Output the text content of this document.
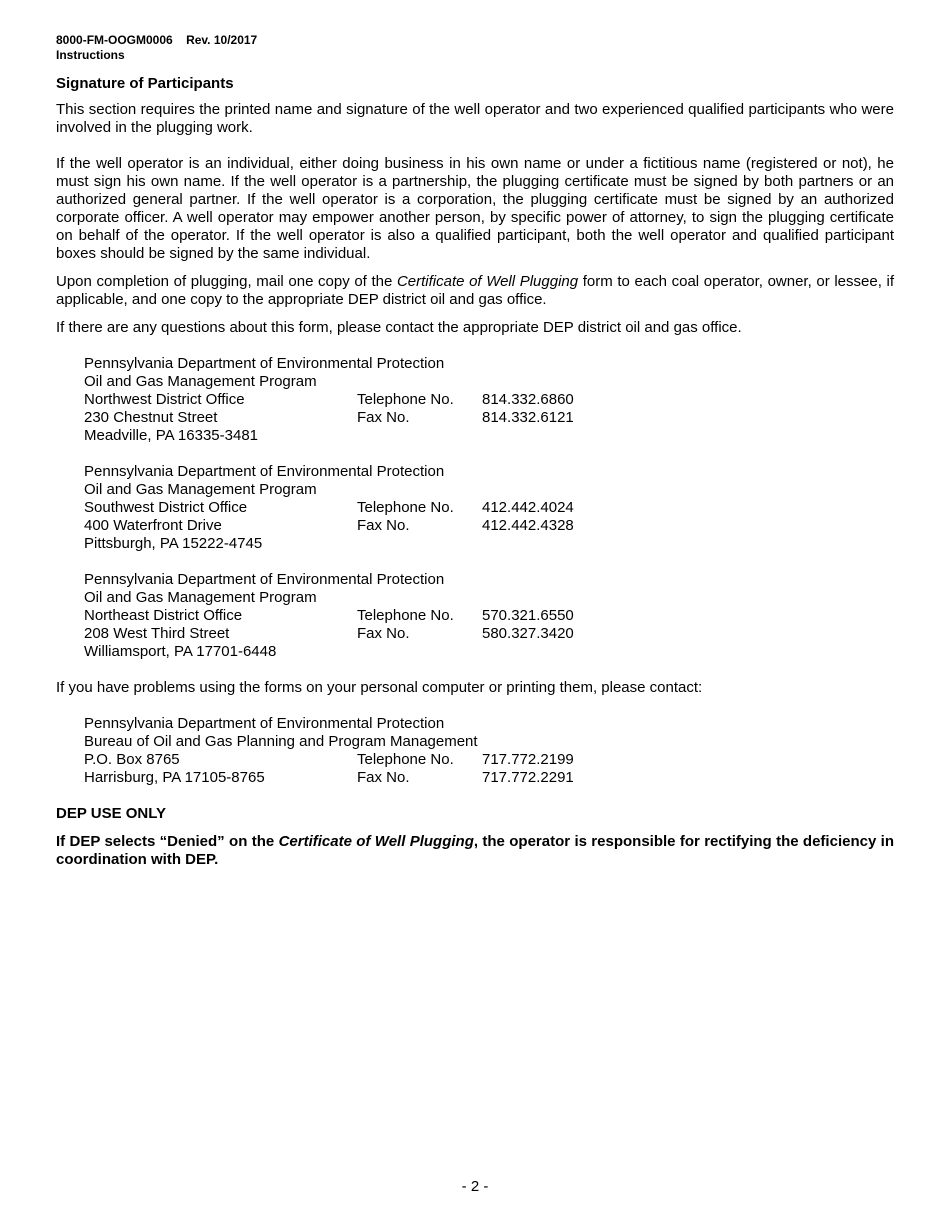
8000-FM-OOGM0006 Rev. 10/2017
Instructions
Signature of Participants

This section requires the printed name and signature of the well operator and two experienced qualified participants who were involved in the plugging work.

If the well operator is an individual, either doing business in his own name or under a fictitious name (registered or not), he must sign his own name. If the well operator is a partnership, the plugging certificate must be signed by both partners or an authorized general partner. If the well operator is a corporation, the plugging certificate must be signed by an authorized corporate officer. A well operator may empower another person, by specific power of attorney, to sign the plugging certificate on behalf of the operator. If the well operator is also a qualified participant, both the well operator and qualified participant boxes should be signed by the same individual.

Upon completion of plugging, mail one copy of the Certificate of Well Plugging form to each coal operator, owner, or lessee, if applicable, and one copy to the appropriate DEP district oil and gas office.

If there are any questions about this form, please contact the appropriate DEP district oil and gas office.

Pennsylvania Department of Environmental Protection
Oil and Gas Management Program
Northwest District Office	Telephone No.	814.332.6860
230 Chestnut Street	Fax No.	814.332.6121
Meadville, PA 16335-3481
Pennsylvania Department of Environmental Protection
Oil and Gas Management Program
Southwest District Office	Telephone No.	412.442.4024
400 Waterfront Drive	Fax No.	412.442.4328
Pittsburgh, PA 15222-4745
Pennsylvania Department of Environmental Protection
Oil and Gas Management Program
Northeast District Office	Telephone No.	570.321.6550
208 West Third Street	Fax No.	580.327.3420
Williamsport, PA 17701-6448

If you have problems using the forms on your personal computer or printing them, please contact:

Pennsylvania Department of Environmental Protection
Bureau of Oil and Gas Planning and Program Management
P.O. Box 8765	Telephone No.	717.772.2199
Harrisburg, PA 17105-8765	Fax No.	717.772.2291
DEP USE ONLY

If DEP selects “Denied” on the Certificate of Well Plugging, the operator is responsible for rectifying the deficiency in coordination with DEP.

- 2 -
